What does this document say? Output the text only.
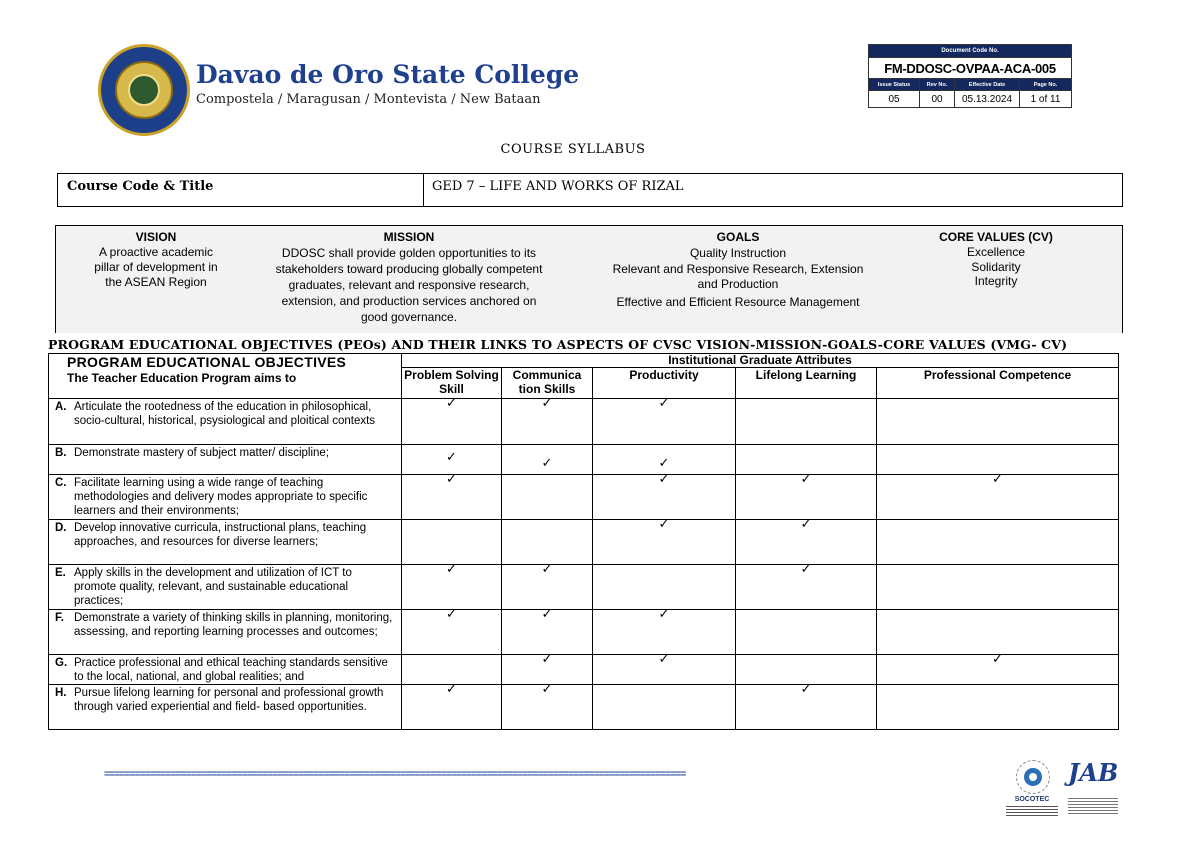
Davao de Oro State College
Compostela / Maragusan / Montevista / New Bataan
Document Code No.			
FM-DDOSC-OVPAA-ACA-005			
Issue Status	Rev No.	Effective Date	Page No.
05	00	05.13.2024	1 of 11
COURSE SYLLABUS
Course Code & Title	GED 7 – LIFE AND WORKS OF RIZAL
VISION
A proactive academic
pillar of development in
the ASEAN Region
MISSION
DDOSC shall provide golden opportunities to its
stakeholders toward producing globally competent
graduates, relevant and responsive research,
extension, and production services anchored on
good governance.
GOALS
Quality Instruction
Relevant and Responsive Research, Extension
and Production
Effective and Efficient Resource Management
CORE VALUES (CV)
Excellence
Solidarity
Integrity
PROGRAM EDUCATIONAL OBJECTIVES (PEOs) AND THEIR LINKS TO ASPECTS OF CVSC VISION-MISSION-GOALS-CORE VALUES (VMG- CV)
PROGRAM EDUCATIONAL OBJECTIVES
The Teacher Education Program aims to	Institutional Graduate Attributes				
	Problem Solving Skill	Communica tion Skills	Productivity	Lifelong Learning	Professional Competence

A. Articulate the rootedness of the education in philosophical, socio-cultural, historical, psysiological and ploitical contexts	✓	✓	✓		

B. Demonstrate mastery of subject matter/ discipline;	✓	✓	✓		

C. Facilitate learning using a wide range of teaching methodologies and delivery modes appropriate to specific learners and their environments;	✓		✓	✓	✓

D. Develop innovative curricula, instructional plans, teaching approaches, and resources for diverse learners;			✓	✓	

E. Apply skills in the development and utilization of ICT to promote quality, relevant, and sustainable educational practices;	✓	✓		✓	

F. Demonstrate a variety of thinking skills in planning, monitoring, assessing, and reporting learning processes and outcomes;	✓	✓	✓		

G. Practice professional and ethical teaching standards sensitive to the local, national, and global realities; and		✓	✓		✓

H. Pursue lifelong learning for personal and professional growth through varied experiential and field- based opportunities.	✓	✓		✓	

==================================================================================================================
SOCOTEC
JAB
